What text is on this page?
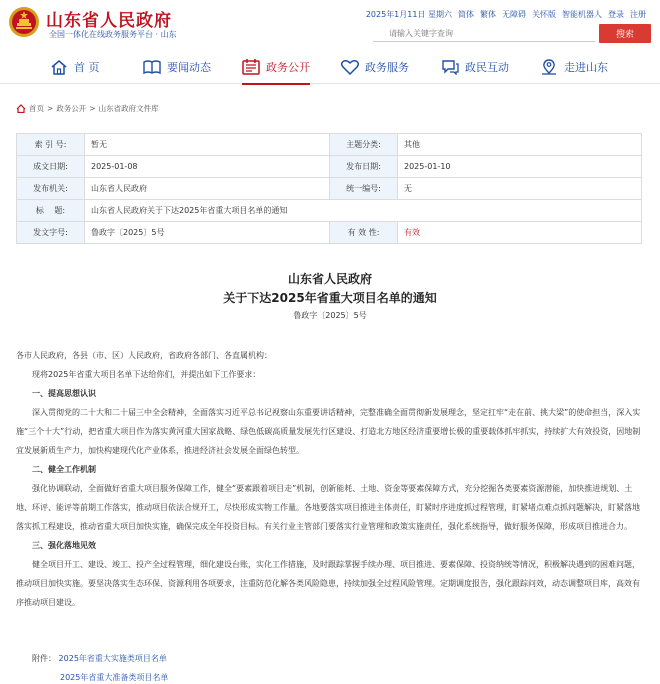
山东省人民政府
全国一体化在线政务服务平台 · 山东
2025年1月11日 星期六 简体 繁体 无障碍 关怀版 智能机器人 登录 注册
请输入关键字查询
搜索
首 页	要闻动态	政务公开	政务服务	政民互动	走进山东
首页 > 政务公开 > 山东省政府文件库
索 引 号:	暂无	主题分类:	其他
成文日期:	2025-01-08	发布日期:	2025-01-10
发布机关:	山东省人民政府	统一编号:	无
标　 题:	山东省人民政府关于下达2025年省重大项目名单的通知		
发文字号:	鲁政字〔2025〕5号	有 效 性:	有效
山东省人民政府
关于下达2025年省重大项目名单的通知
鲁政字〔2025〕5号

各市人民政府，各县（市、区）人民政府，省政府各部门、各直属机构：

现将2025年省重大项目名单下达给你们，并提出如下工作要求：

一、提高思想认识

深入贯彻党的二十大和二十届三中全会精神，全面落实习近平总书记视察山东重要讲话精神，完整准确全面贯彻新发展理念，坚定扛牢“走在前、挑大梁”的使命担当，深入实施“三个十大”行动，把省重大项目作为落实黄河重大国家战略、绿色低碳高质量发展先行区建设、打造北方地区经济重要增长极的重要载体抓牢抓实，持续扩大有效投资，因地制宜发展新质生产力，加快构建现代化产业体系，推进经济社会发展全面绿色转型。

二、健全工作机制

强化协调联动，全面做好省重大项目服务保障工作，健全“要素跟着项目走”机制，创新能耗、土地、资金等要素保障方式，充分挖掘各类要素资源潜能，加快推进规划、土地、环评、能评等前期工作落实，推动项目依法合规开工，尽快形成实物工作量。各地要落实项目推进主体责任，盯紧时序进度抓过程管理，盯紧堵点难点抓问题解决，盯紧落地落实抓工程建设，推动省重大项目加快实施，确保完成全年投资目标。有关行业主管部门要落实行业管理和政策实施责任，强化系统指导，做好服务保障，形成项目推进合力。

三、强化落地见效

健全项目开工、建设、竣工、投产全过程管理，细化建设台账，实化工作措施，及时跟踪掌握手续办理、项目推进、要素保障、投资纳统等情况，积极解决遇到的困难问题，推动项目加快实施。要坚决落实生态环保、资源利用各项要求，注重防范化解各类风险隐患，持续加强全过程风险管理。定期调度报告，强化跟踪问效，动态调整项目库，高效有序推动项目建设。

附件： 2025年省重大实施类项目名单
2025年省重大准备类项目名单
